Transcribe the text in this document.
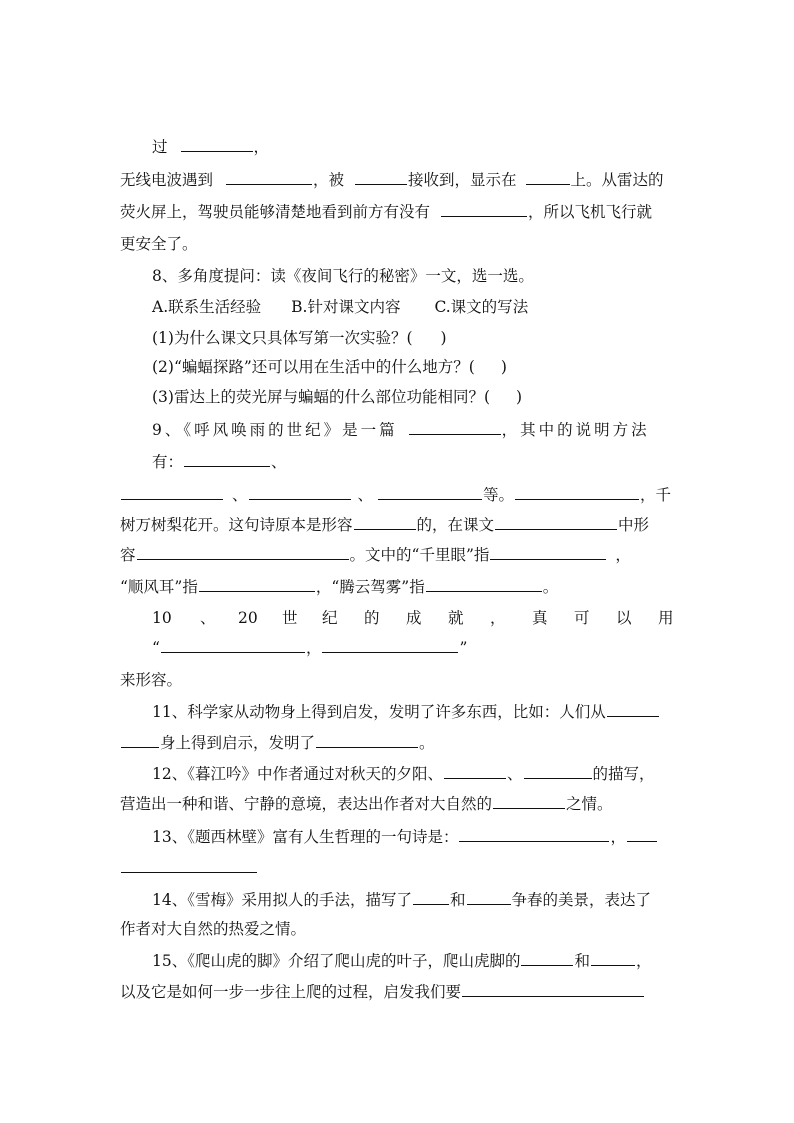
过	，
无线电波遇到	，被	接收到，显示在	上。从雷达的
荧火屏上，驾驶员能够清楚地看到前方有没有	，所以飞机飞行就
更安全了。
8、多角度提问：读《夜间飞行的秘密》一文，选一选。
A.联系生活经验 B.针对课文内容 C.课文的写法
(1)为什么课文只具体写第一次实验？( )
(2)“蝙蝠探路”还可以用在生活中的什么地方？( )
(3)雷达上的荧光屏与蝙蝠的什么部位功能相同？( )
9、《呼风唤雨的世纪》是一篇	，其中的说明方法
有：	、
、	、	等。	，千
树万树梨花开。这句诗原本是形容	的，在课文	中形
容	。文中的“千里眼”指	，
“顺风耳”指	，“腾云驾雾”指	。
10 、 20 世 纪 的 成 就 ， 真 可 以 用
“	，	”
来形容。
11、科学家从动物身上得到启发，发明了许多东西，比如：人们从
身上得到启示，发明了	。
12、《暮江吟》中作者通过对秋天的夕阳、	、	的描写，
营造出一种和谐、宁静的意境，表达出作者对大自然的	之情。
13、《题西林壁》富有人生哲理的一句诗是：	，
14、《雪梅》采用拟人的手法，描写了 和	争春的美景，表达了
作者对大自然的热爱之情。
15、《爬山虎的脚》介绍了爬山虎的叶子，爬山虎脚的	和	，
以及它是如何一步一步往上爬的过程，启发我们要
